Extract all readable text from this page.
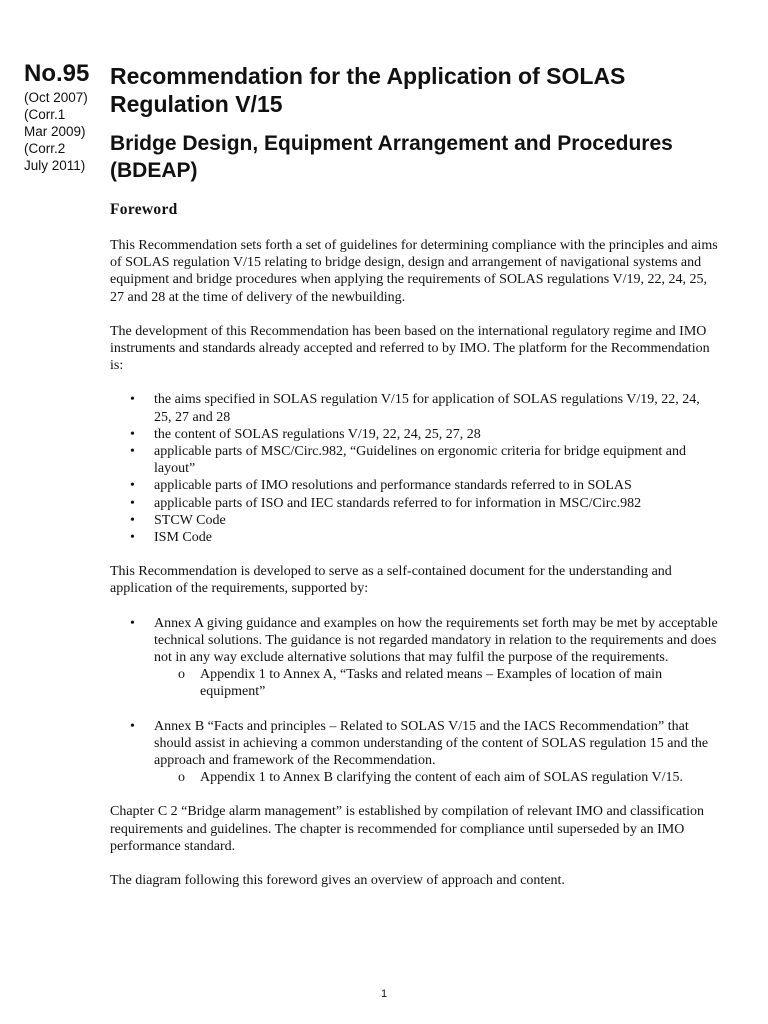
No.95
(Oct 2007)
(Corr.1
Mar 2009)
(Corr.2
July 2011)
Recommendation for the Application of SOLAS Regulation V/15
Bridge Design, Equipment Arrangement and Procedures (BDEAP)
Foreword

This Recommendation sets forth a set of guidelines for determining compliance with the principles and aims of SOLAS regulation V/15 relating to bridge design, design and arrangement of navigational systems and equipment and bridge procedures when applying the requirements of SOLAS regulations V/19, 22, 24, 25, 27 and 28 at the time of delivery of the newbuilding.

The development of this Recommendation has been based on the international regulatory regime and IMO instruments and standards already accepted and referred to by IMO. The platform for the Recommendation is:

• the aims specified in SOLAS regulation V/15 for application of SOLAS regulations V/19, 22, 24, 25, 27 and 28
• the content of SOLAS regulations V/19, 22, 24, 25, 27, 28
• applicable parts of MSC/Circ.982, “Guidelines on ergonomic criteria for bridge equipment and layout”
• applicable parts of IMO resolutions and performance standards referred to in SOLAS
• applicable parts of ISO and IEC standards referred to for information in MSC/Circ.982
• STCW Code
• ISM Code

This Recommendation is developed to serve as a self-contained document for the understanding and application of the requirements, supported by:

• Annex A giving guidance and examples on how the requirements set forth may be met by acceptable technical solutions. The guidance is not regarded mandatory in relation to the requirements and does not in any way exclude alternative solutions that may fulfil the purpose of the requirements.
o Appendix 1 to Annex A, “Tasks and related means – Examples of location of main equipment”
• Annex B “Facts and principles – Related to SOLAS V/15 and the IACS Recommendation” that should assist in achieving a common understanding of the content of SOLAS regulation 15 and the approach and framework of the Recommendation.
o Appendix 1 to Annex B clarifying the content of each aim of SOLAS regulation V/15.

Chapter C 2 “Bridge alarm management” is established by compilation of relevant IMO and classification requirements and guidelines. The chapter is recommended for compliance until superseded by an IMO performance standard.

The diagram following this foreword gives an overview of approach and content.

1
